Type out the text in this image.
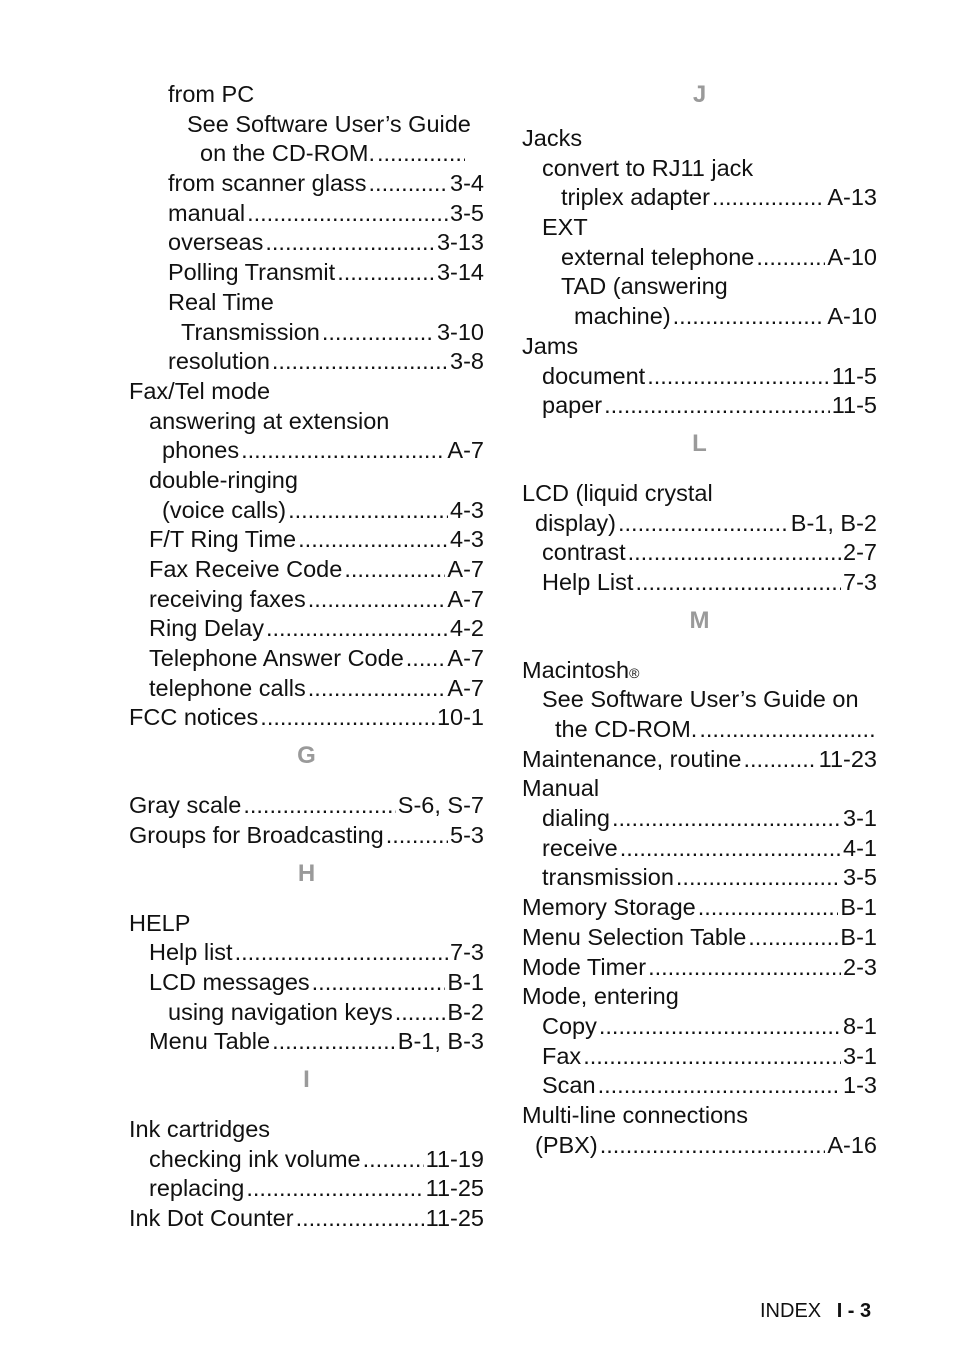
from PC
See Software User’s Guide
on the CD-ROM.
.....
from scanner glass .....	3-4
manual .....	3-5
overseas .....	3-13
Polling Transmit .....	3-14
Real Time
Transmission .....	3-10
resolution .....	3-8
Fax/Tel mode
answering at extension
phones .....	A-7
double-ringing
(voice calls) .....	4-3
F/T Ring Time .....	4-3
Fax Receive Code .....	A-7
receiving faxes .....	A-7
Ring Delay .....	4-2
Telephone Answer Code ..... A-7
telephone calls .....	A-7
FCC notices .....	10-1
G
Gray scale .....	S-6, S-7
Groups for Broadcasting .....	5-3
H
HELP
Help list .....	7-3
LCD messages .....	B-1
using navigation keys ..... B-2
Menu Table .....	B-1, B-3
I
Ink cartridges
checking ink volume .....	11-19
replacing .....	11-25
Ink Dot Counter .....	11-25
J
Jacks
convert to RJ11 jack
triplex adapter .....	A-13
EXT
external telephone .....	A-10
TAD (answering
machine) .....	A-10
Jams
document .....	11-5
paper .....	11-5
L
LCD (liquid crystal
display) .....	B-1, B-2
contrast .....	2-7
Help List .....	7-3
M
Macintosh ®
See Software User’s Guide on
the CD-ROM.
.....
Maintenance, routine .....	11-23
Manual
dialing .....	3-1
receive .....	4-1
transmission .....	3-5
Memory Storage .....	B-1
Menu Selection Table .....	B-1
Mode Timer .....	2-3
Mode, entering
Copy .....	8-1
Fax .....	3-1
Scan .....	1-3
Multi-line connections
(PBX) .....	A-16
INDEX I - 3
